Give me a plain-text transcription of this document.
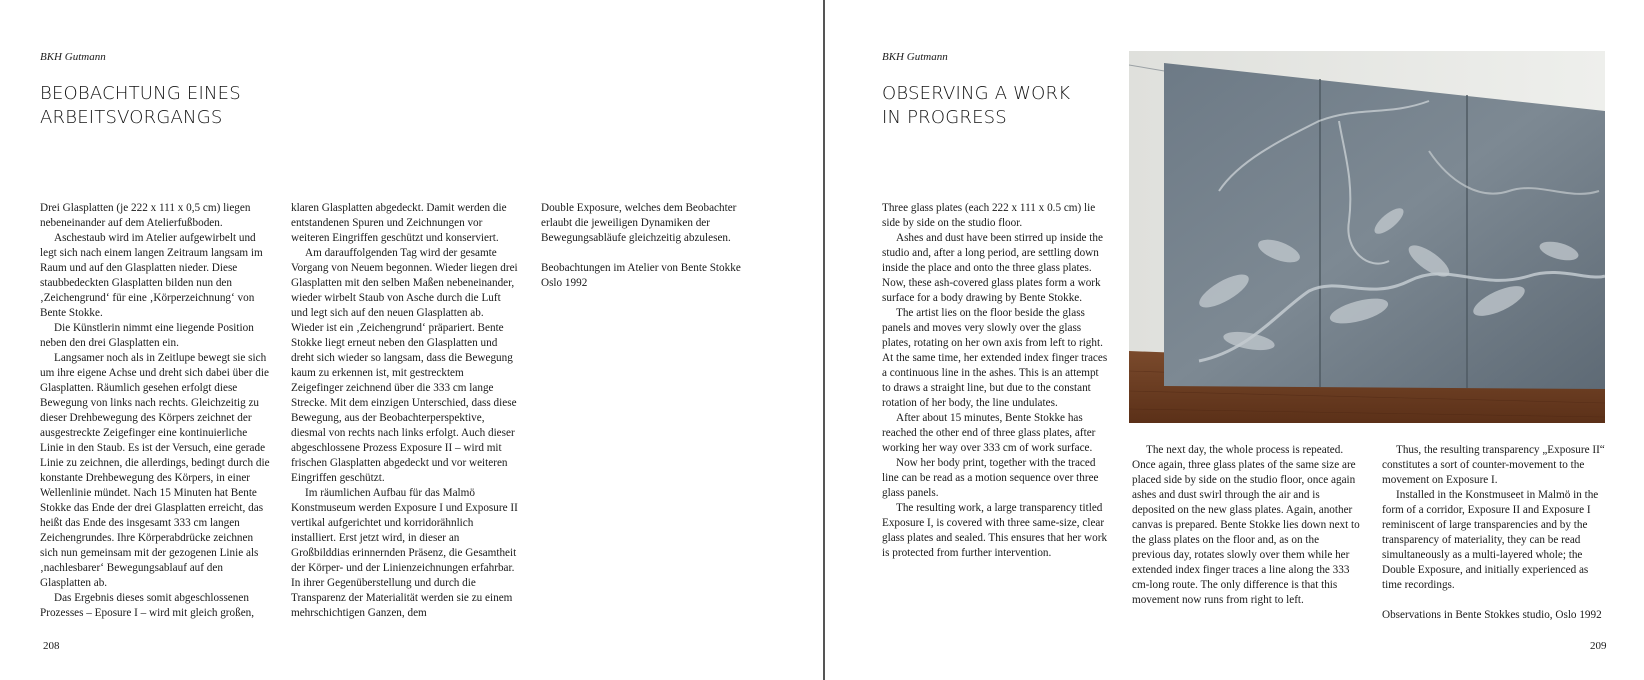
BKH Gutmann
BEOBACHTUNG EINES
ARBEITSVORGANGS

Drei Glasplatten (je 222 x 111 x 0,5 cm) liegen nebeneinander auf dem Atelierfußboden.

Aschestaub wird im Atelier aufgewirbelt und legt sich nach einem langen Zeitraum langsam im Raum und auf den Glasplatten nieder. Diese staubbedeckten Glasplatten bilden nun den ‚Zeichengrund‘ für eine ‚Körperzeichnung‘ von Bente Stokke.

Die Künstlerin nimmt eine liegende Position neben den drei Glasplatten ein.

Langsamer noch als in Zeitlupe bewegt sie sich um ihre eigene Achse und dreht sich dabei über die Glasplatten. Räumlich gesehen erfolgt diese Bewegung von links nach rechts. Gleichzeitig zu dieser Drehbewegung des Körpers zeichnet der ausgestreckte Zeigefinger eine kontinuierliche Linie in den Staub. Es ist der Versuch, eine gerade Linie zu zeichnen, die allerdings, bedingt durch die konstante Drehbewegung des Körpers, in einer Wellenlinie mündet. Nach 15 Minuten hat Bente Stokke das Ende der drei Glasplatten erreicht, das heißt das Ende des insgesamt 333 cm langen Zeichengrundes. Ihre Körperabdrücke zeichnen sich nun gemeinsam mit der gezogenen Linie als ‚nachlesbarer‘ Bewegungsablauf auf den Glasplatten ab.

Das Ergebnis dieses somit abgeschlossenen Prozesses – Eposure I – wird mit gleich großen,

klaren Glasplatten abgedeckt. Damit werden die entstandenen Spuren und Zeichnungen vor weiteren Eingriffen geschützt und konserviert.

Am darauffolgenden Tag wird der gesamte Vorgang von Neuem begonnen. Wieder liegen drei Glasplatten mit den selben Maßen nebeneinander, wieder wirbelt Staub von Asche durch die Luft und legt sich auf den neuen Glasplatten ab. Wieder ist ein ‚Zeichengrund‘ präpariert. Bente Stokke liegt erneut neben den Glasplatten und dreht sich wieder so langsam, dass die Bewegung kaum zu erkennen ist, mit gestrecktem Zeigefinger zeichnend über die 333 cm lange Strecke. Mit dem einzigen Unterschied, dass diese Bewegung, aus der Beobachterperspektive, diesmal von rechts nach links erfolgt. Auch dieser abgeschlossene Prozess Exposure II – wird mit frischen Glasplatten abgedeckt und vor weiteren Eingriffen geschützt.

Im räumlichen Aufbau für das Malmö Konstmuseum werden Exposure I und Exposure II vertikal aufgerichtet und korridorähnlich installiert. Erst jetzt wird, in dieser an Großbilddias erinnernden Präsenz, die Gesamtheit der Körper- und der Linienzeichnungen erfahrbar. In ihrer Gegenüberstellung und durch die Transparenz der Materialität werden sie zu einem mehrschichtigen Ganzen, dem

Double Exposure, welches dem Beobachter erlaubt die jeweiligen Dynamiken der Bewegungsabläufe gleichzeitig abzulesen.

Beobachtungen im Atelier von Bente Stokke Oslo 1992

208
BKH Gutmann
OBSERVING A WORK
IN PROGRESS

Three glass plates (each 222 x 111 x 0.5 cm) lie side by side on the studio floor.

Ashes and dust have been stirred up inside the studio and, after a long period, are settling down inside the place and onto the three glass plates. Now, these ash-covered glass plates form a work surface for a body drawing by Bente Stokke.

The artist lies on the floor beside the glass panels and moves very slowly over the glass plates, rotating on her own axis from left to right. At the same time, her extended index finger traces a continuous line in the ashes. This is an attempt to draws a straight line, but due to the constant rotation of her body, the line undulates.

After about 15 minutes, Bente Stokke has reached the other end of three glass plates, after working her way over 333 cm of work surface.

Now her body print, together with the traced line can be read as a motion sequence over three glass panels.

The resulting work, a large transparency titled Exposure I, is covered with three same-size, clear glass plates and sealed. This ensures that her work is protected from further intervention.

The next day, the whole process is repeated. Once again, three glass plates of the same size are placed side by side on the studio floor, once again ashes and dust swirl through the air and is deposited on the new glass plates. Again, another canvas is prepared. Bente Stokke lies down next to the glass plates on the floor and, as on the previous day, rotates slowly over them while her extended index finger traces a line along the 333 cm-long route. The only difference is that this movement now runs from right to left.

Thus, the resulting transparency „Exposure II“ constitutes a sort of counter-movement to the movement on Exposure I.

Installed in the Konstmuseet in Malmö in the form of a corridor, Exposure II and Exposure I reminiscent of large transparencies and by the transparency of materiality, they can be read simultaneously as a multi-layered whole; the Double Exposure, and initially experienced as time recordings.

Observations in Bente Stokkes studio, Oslo 1992

209
